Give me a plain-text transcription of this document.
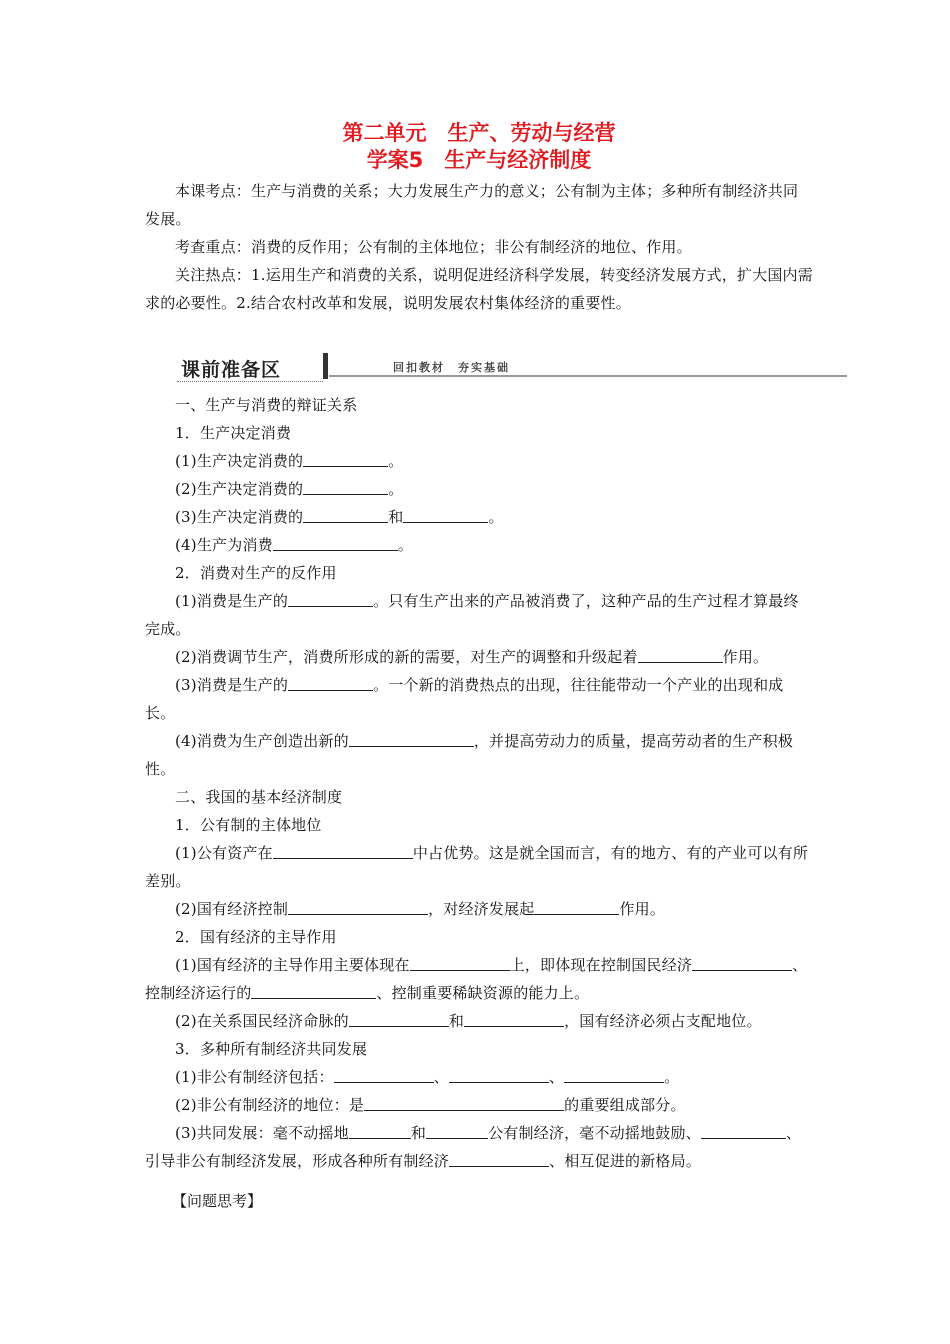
第二单元　生产、劳动与经营
学案5　生产与经济制度

本课考点：生产与消费的关系；大力发展生产力的意义；公有制为主体；多种所有制经济共同发展。

考查重点：消费的反作用；公有制的主体地位；非公有制经济的地位、作用。

关注热点：1.运用生产和消费的关系，说明促进经济科学发展，转变经济发展方式，扩大国内需求的必要性。2.结合农村改革和发展，说明发展农村集体经济的重要性。

课前准备区	回扣教材　夯实基础

一、生产与消费的辩证关系

1．生产决定消费

(1)生产决定消费的	。

(2)生产决定消费的	。

(3)生产决定消费的	和	。

(4)生产为消费	。

2．消费对生产的反作用

(1)消费是生产的	。只有生产出来的产品被消费了，这种产品的生产过程才算最终完成。

(2)消费调节生产，消费所形成的新的需要，对生产的调整和升级起着	作用。

(3)消费是生产的	。一个新的消费热点的出现，往往能带动一个产业的出现和成长。

(4)消费为生产创造出新的	，并提高劳动力的质量，提高劳动者的生产积极性。

二、我国的基本经济制度

1．公有制的主体地位

(1)公有资产在	中占优势。这是就全国而言，有的地方、有的产业可以有所差别。

(2)国有经济控制	，对经济发展起	作用。

2．国有经济的主导作用

(1)国有经济的主导作用主要体现在	上，即体现在控制国民经济	、控制经济运行的	、控制重要稀缺资源的能力上。

(2)在关系国民经济命脉的	和	，国有经济必须占支配地位。

3．多种所有制经济共同发展

(1)非公有制经济包括：	、	、	。

(2)非公有制经济的地位：是	的重要组成部分。

(3)共同发展：毫不动摇地	和	公有制经济，毫不动摇地鼓励、	、引导非公有制经济发展，形成各种所有制经济	、相互促进的新格局。

【问题思考】
